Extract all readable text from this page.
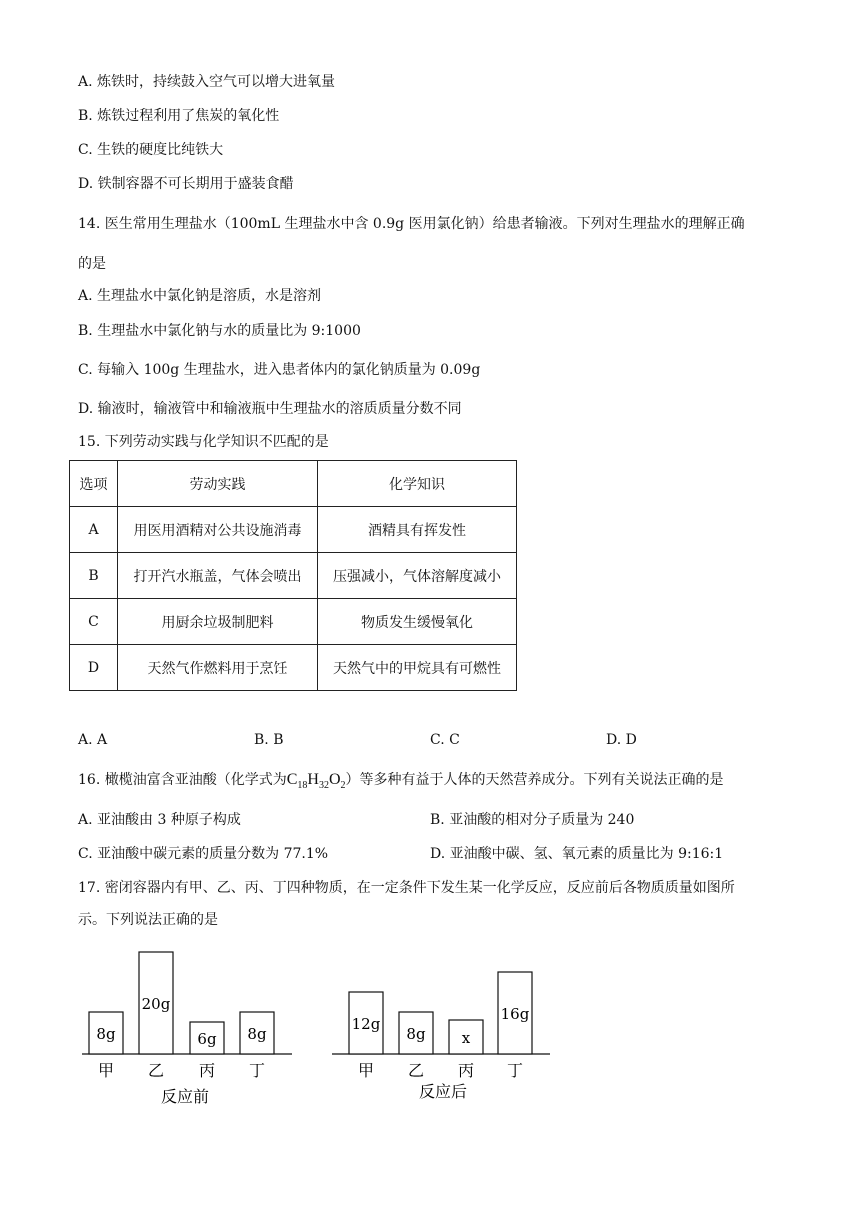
A. 炼铁时，持续鼓入空气可以增大进氧量
B. 炼铁过程利用了焦炭的氧化性
C. 生铁的硬度比纯铁大
D. 铁制容器不可长期用于盛装食醋
14. 医生常用生理盐水（100mL 生理盐水中含 0.9g 医用氯化钠）给患者输液。下列对生理盐水的理解正确
的是
A. 生理盐水中氯化钠是溶质，水是溶剂
B. 生理盐水中氯化钠与水的质量比为 9:1000
C. 每输入 100g 生理盐水，进入患者体内的氯化钠质量为 0.09g
D. 输液时，输液管中和输液瓶中生理盐水的溶质质量分数不同
15. 下列劳动实践与化学知识不匹配的是
选项	劳动实践	化学知识
A	用医用酒精对公共设施消毒	酒精具有挥发性
B	打开汽水瓶盖，气体会喷出	压强减小，气体溶解度减小
C	用厨余垃圾制肥料	物质发生缓慢氧化
D	天然气作燃料用于烹饪	天然气中的甲烷具有可燃性
A. A	B. B	C. C	D. D
16. 橄榄油富含亚油酸（化学式为$C_{18}H_{32}O_2$）等多种有益于人体的天然营养成分。下列有关说法正确的是
A. 亚油酸由 3 种原子构成	B. 亚油酸的相对分子质量为 240
C. 亚油酸中碳元素的质量分数为 77.1%	D. 亚油酸中碳、氢、氧元素的质量比为 9:16:1
17. 密闭容器内有甲、乙、丙、丁四种物质，在一定条件下发生某一化学反应，反应前后各物质质量如图所
示。下列说法正确的是
8g
甲
20g
乙
6g
丙
8g
丁
12g
甲
8g
乙
x
丙
16g
丁
反应前	反应后
